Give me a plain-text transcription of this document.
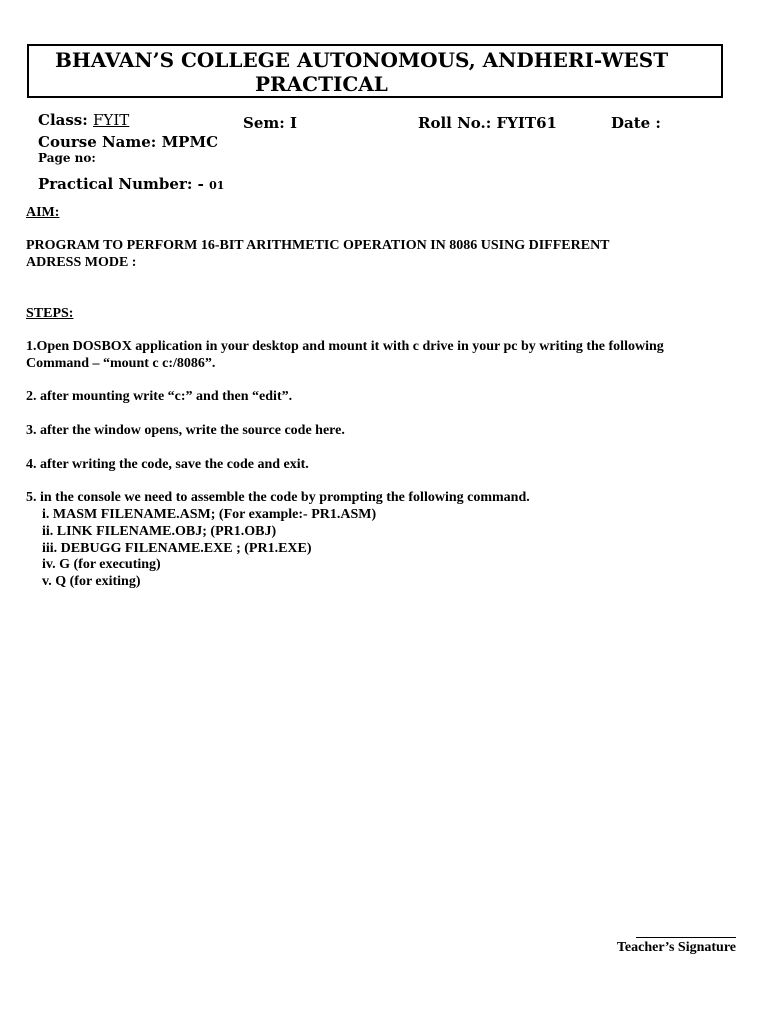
BHAVAN’S COLLEGE AUTONOMOUS, ANDHERI-WEST
PRACTICAL
Class: FYIT	Sem: I	Roll No.: FYIT61	Date :
Course Name: MPMC
Page no:
Practical Number: - 01
AIM:
PROGRAM TO PERFORM 16-BIT ARITHMETIC OPERATION IN 8086 USING DIFFERENT
ADRESS MODE :
STEPS:
1.Open DOSBOX application in your desktop and mount it with c drive in your pc by writing the following
Command – “mount c c:/8086”.
2. after mounting write “c:” and then “edit”.
3. after the window opens, write the source code here.
4. after writing the code, save the code and exit.
5. in the console we need to assemble the code by prompting the following command.
i. MASM FILENAME.ASM; (For example:- PR1.ASM)
ii. LINK FILENAME.OBJ; (PR1.OBJ)
iii. DEBUGG FILENAME.EXE ; (PR1.EXE)
iv. G (for executing)
v. Q (for exiting)
Teacher’s Signature
